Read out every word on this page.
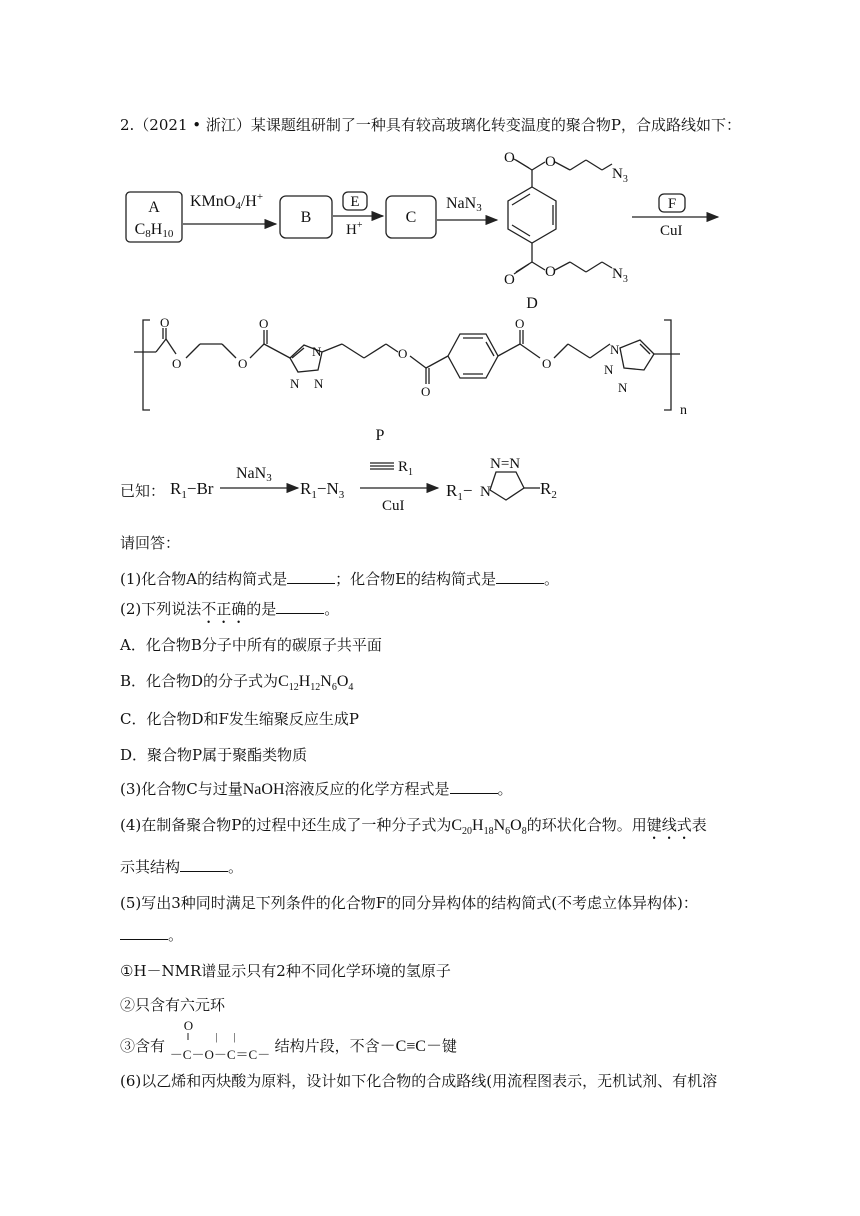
2.（2021 • 浙江）某课题组研制了一种具有较高玻璃化转变温度的聚合物P，合成路线如下：
A
C8H10
KMnO4/H+
B
E
H+	C
NaN3
O O
$N_3$
O O	$N_3$
D
F
CuI
n
O
O	O
O
N
N N
O
O
O
O
N
N
N
P
已知： $R_1-Br$
NaN3
$R_1-N_3$
$R_1$
CuI
$R_1- N$
N=N
$R_2$
请回答：
(1)化合物A的结构简式是	；化合物E的结构简式是	。
(2)下列说法不正确的是	。
A．化合物B分子中所有的碳原子共平面
B．化合物D的分子式为$C_{12}H_{12}N_6O_4$
C．化合物D和F发生缩聚反应生成P
D．聚合物P属于聚酯类物质
(3)化合物C与过量NaOH溶液反应的化学方程式是	。
(4)在制备聚合物P的过程中还生成了一种分子式为$C_{20}H_{18}N_6O_8$的环状化合物。用键线式表
示其结构	。
(5)写出3种同时满足下列条件的化合物F的同分异构体的结构简式(不考虑立体异构体)：
。
①H－NMR谱显示只有2种不同化学环境的氢原子
②只含有六元环
③含有
O
‖	| |
－C－O－C＝C－ 结构片段，不含－C≡C－键
(6)以乙烯和丙炔酸为原料，设计如下化合物的合成路线(用流程图表示，无机试剂、有机溶
